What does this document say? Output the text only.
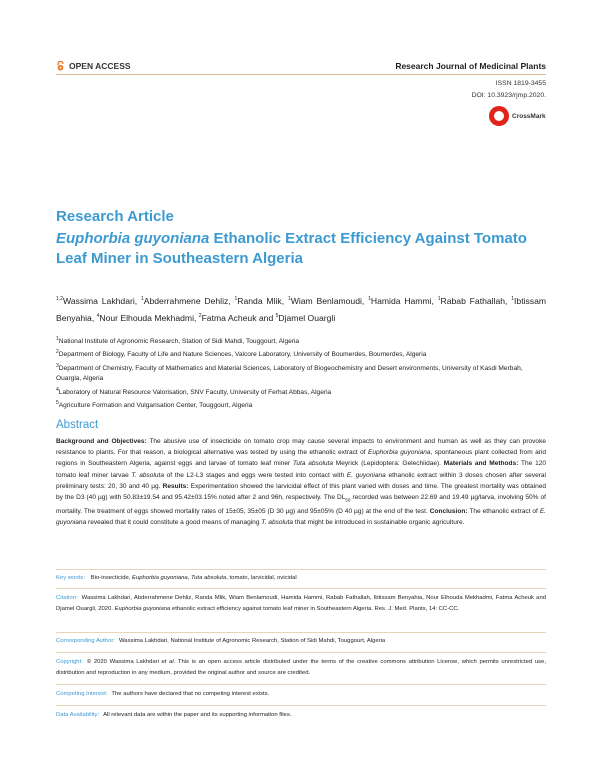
OPEN ACCESS	Research Journal of Medicinal Plants
ISSN 1819-3455
DOI: 10.3923/rjmp.2020.
CrossMark
Research Article
Euphorbia guyoniana Ethanolic Extract Efficiency Against Tomato
Leaf Miner in Southeastern Algeria
$^{1,2}$Wassima Lakhdari, $^1$Abderrahmene Dehliz, $^1$Randa Mlik, $^1$Wiam Benlamoudi, $^1$Hamida Hammi, $^1$Rabab Fathallah, $^1$Ibtissam Benyahia, $^4$Nour Elhouda Mekhadmi, $^2$Fatma Acheuk and $^5$Djamel Ouargli
$^1$National Institute of Agronomic Research, Station of Sidi Mahdi, Touggourt, Algeria
$^2$Department of Biology, Faculty of Life and Nature Sciences, Valcore Laboratory, University of Boumerdes, Boumerdes, Algeria
$^3$Department of Chemistry, Faculty of Mathematics and Material Sciences, Laboratory of Biogeochemistry and Desert environments, University of Kasdi Merbah, Ouargla, Algeria
$^4$Laboratory of Natural Resource Valorisation, SNV Faculty, University of Ferhat Abbas, Algeria
$^5$Agriculture Formation and Vulgarisation Center, Touggourt, Algeria
Abstract
Background and Objectives: The abusive use of insecticide on tomato crop may cause several impacts to environment and human as well as they can provoke resistance to plants. For that reason, a biological alternative was tested by using the ethanolic extract of Euphorbia guyoniana, spontaneous plant collected from arid regions in Southeastern Algeria, against eggs and larvae of tomato leaf miner Tuta absoluta Meyrick (Lepidoptera: Gelechiidae). Materials and Methods: The 120 tomato leaf miner larvae T. absoluta of the L2-L3 stages and eggs were tested into contact with E. guyoniana ethanolic extract within 3 doses chosen after several preliminary tests: 20, 30 and 40 µg. Results: Experimentation showed the larvicidal effect of this plant varied with doses and time. The greatest mortality was obtained by the D3 (40 µg) with 50.83±19.54 and 95.42±03.15% noted after 2 and 96h, respectively. The $DL_{50}$ recorded was between 22.69 and 19.49 µg/larva, involving 50% of mortality. The treatment of eggs showed mortality rates of 15±05, 35±05 (D 30 µg) and 95±05% (D 40 µg) at the end of the test. Conclusion: The ethanolic extract of E. guyoniana revealed that it could constitute a good means of managing T. absoluta that might be introduced in sustainable organic agriculture.
Key words: Bio-insecticide, Euphorbia guyoniana, Tuta absoluta, tomato, larvicidal, ovicidal
Citation: Wassima Lakhdari, Abderrahmene Dehliz, Randa Mlik, Wiam Benlamoudi, Hamida Hammi, Rabab Fathallah, Ibtissam Benyahia, Nour Elhouda Mekhadmi, Fatma Acheuk and Djamel Ouargli, 2020. Euphorbia guyoniana ethanolic extract efficiency against tomato leaf miner in Southeastern Algeria. Res. J. Med. Plants, 14: CC-CC.
Corresponding Author: Wassima Lakhdari, National Institute of Agronomic Research, Station of Sidi Mahdi, Touggourt, Algeria
Copyright: © 2020 Wassima Lakhdari et al. This is an open access article distributed under the terms of the creative commons attribution License, which permits unrestricted use, distribution and reproduction in any medium, provided the original author and source are credited.
Competing Interest: The authors have declared that no competing interest exists.
Data Availability: All relevant data are within the paper and its supporting information files.
